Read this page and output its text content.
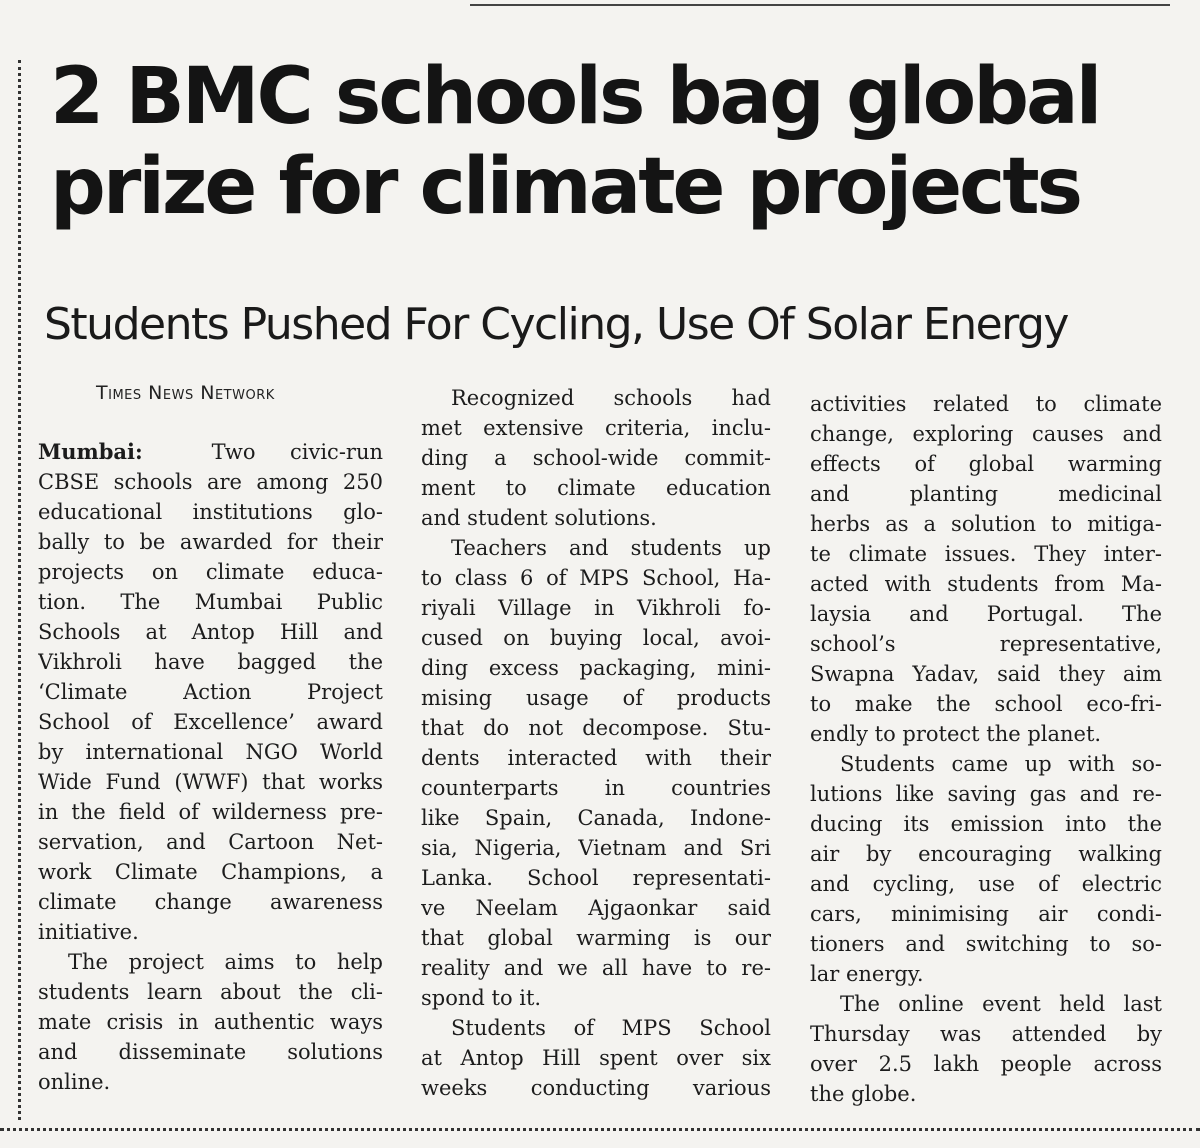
2 BMC schools bag global
prize for climate projects
Students Pushed For Cycling, Use Of Solar Energy
Times News Network
Mumbai:	Two civic-run
CBSE schools are among 250
educational institutions glo-
bally to be awarded for their
projects on climate educa-
tion. The Mumbai Public
Schools at Antop Hill and
Vikhroli have bagged the
‘Climate Action Project
School of Excellence’ award
by international NGO World
Wide Fund (WWF) that works
in the field of wilderness pre-
servation, and Cartoon Net-
work Climate Champions, a
climate change awareness
initiative.
The project aims to help
students learn about the cli-
mate crisis in authentic ways
and disseminate solutions
online.
Recognized schools had
met extensive criteria, inclu-
ding a school-wide commit-
ment to climate education
and student solutions.
Teachers and students up
to class 6 of MPS School, Ha-
riyali Village in Vikhroli fo-
cused on buying local, avoi-
ding excess packaging, mini-
mising usage of products
that do not decompose. Stu-
dents interacted with their
counterparts in countries
like Spain, Canada, Indone-
sia, Nigeria, Vietnam and Sri
Lanka. School representati-
ve Neelam Ajgaonkar said
that global warming is our
reality and we all have to re-
spond to it.
Students of MPS School
at Antop Hill spent over six
weeks conducting various
activities related to climate
change, exploring causes and
effects of global warming
and planting medicinal
herbs as a solution to mitiga-
te climate issues. They inter-
acted with students from Ma-
laysia and Portugal. The
school’s representative,
Swapna Yadav, said they aim
to make the school eco-fri-
endly to protect the planet.
Students came up with so-
lutions like saving gas and re-
ducing its emission into the
air by encouraging walking
and cycling, use of electric
cars, minimising air condi-
tioners and switching to so-
lar energy.
The online event held last
Thursday was attended by
over 2.5 lakh people across
the globe.
